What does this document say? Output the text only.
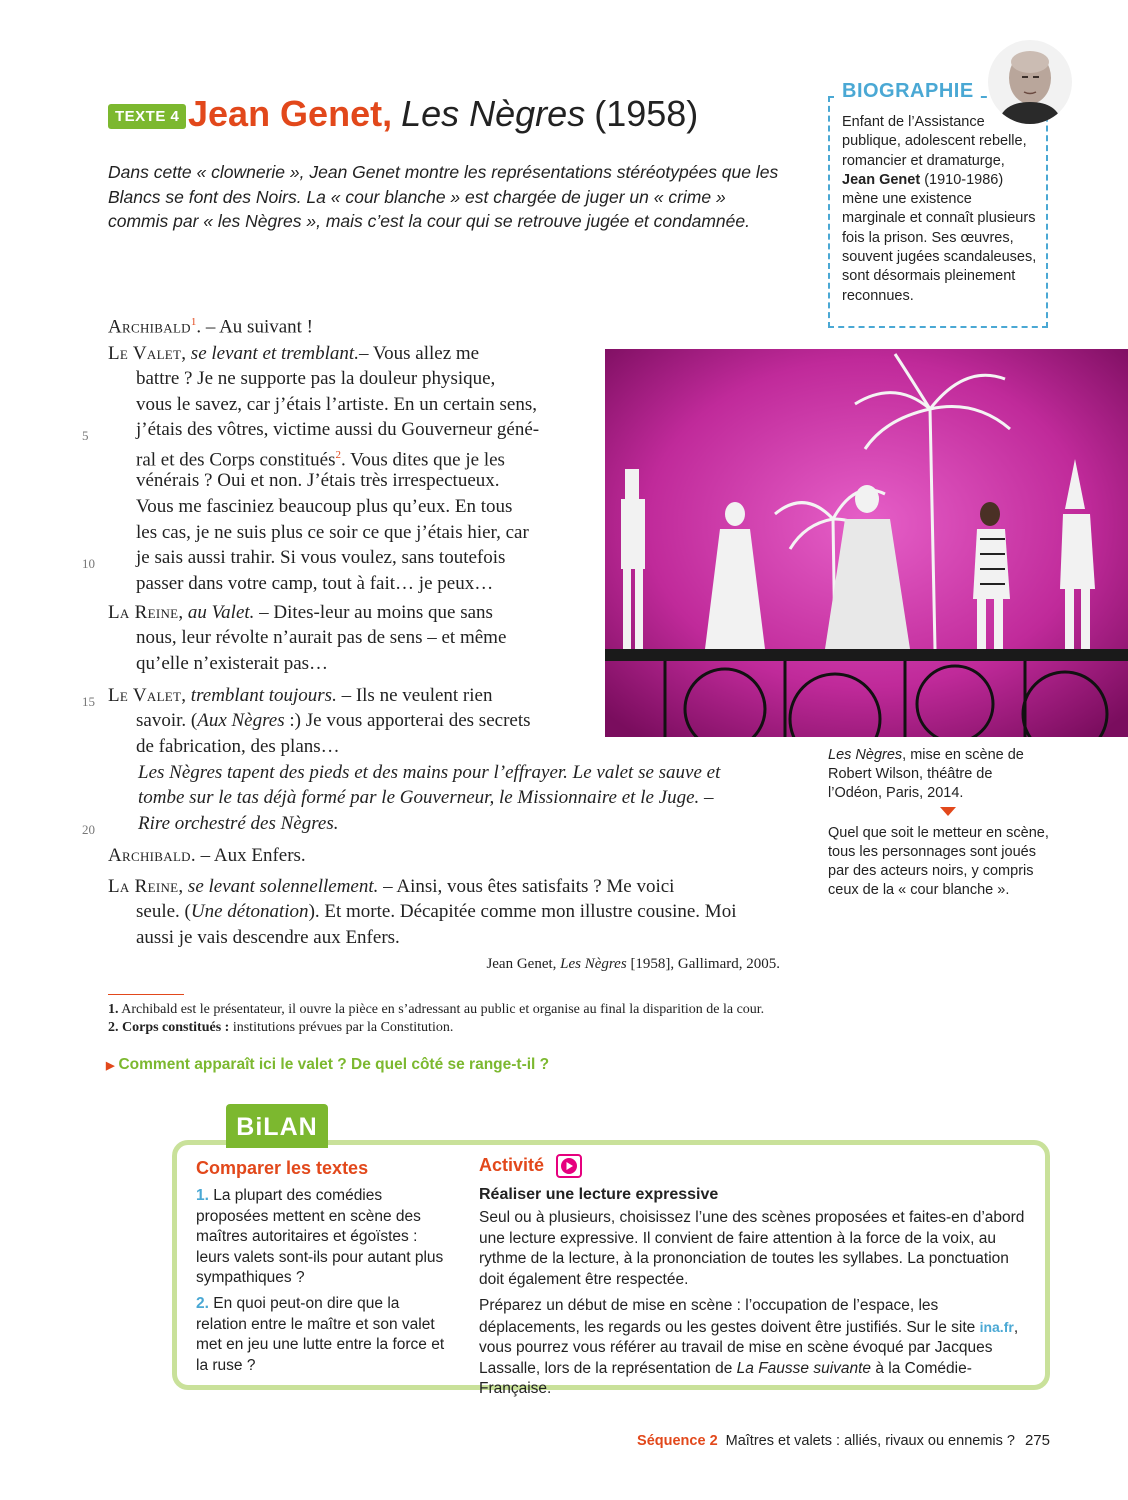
TEXTE 4 Jean Genet, Les Nègres (1958)

Dans cette « clownerie », Jean Genet montre les représentations stéréotypées que les Blancs se font des Noirs. La « cour blanche » est chargée de juger un « crime » commis par « les Nègres », mais c’est la cour qui se retrouve jugée et condamnée.

BIOGRAPHIE

Enfant de l’Assistance publique, adolescent rebelle, romancier et dramaturge, Jean Genet (1910-1986) mène une existence marginale et connaît plusieurs fois la prison. Ses œuvres, souvent jugées scandaleuses, sont désormais pleinement reconnues.

Archibald$^1$. – Au suivant !
Le Valet, se levant et tremblant.– Vous allez me
battre ? Je ne supporte pas la douleur physique,
vous le savez, car j’étais l’artiste. En un certain sens,
j’étais des vôtres, victime aussi du Gouverneur géné-
ral et des Corps constitués$^2$. Vous dites que je les
vénérais ? Oui et non. J’étais très irrespectueux.
Vous me fasciniez beaucoup plus qu’eux. En tous
les cas, je ne suis plus ce soir ce que j’étais hier, car
je sais aussi trahir. Si vous voulez, sans toutefois
passer dans votre camp, tout à fait… je peux…
La Reine, au Valet. – Dites-leur au moins que sans
nous, leur révolte n’aurait pas de sens – et même
qu’elle n’existerait pas…
Le Valet, tremblant toujours. – Ils ne veulent rien
savoir. (Aux Nègres :) Je vous apporterai des secrets
de fabrication, des plans…
Les Nègres tapent des pieds et des mains pour l’effrayer. Le valet se sauve et
tombe sur le tas déjà formé par le Gouverneur, le Missionnaire et le Juge. –
Rire orchestré des Nègres.
Archibald. – Aux Enfers.
La Reine, se levant solennellement. – Ainsi, vous êtes satisfaits ? Me voici
seule. (Une détonation). Et morte. Décapitée comme mon illustre cousine. Moi
aussi je vais descendre aux Enfers.
5
10
15
20
Jean Genet, Les Nègres [1958], Gallimard, 2005.

Les Nègres, mise en scène de Robert Wilson, théâtre de l’Odéon, Paris, 2014.

Quel que soit le metteur en scène, tous les personnages sont joués par des acteurs noirs, y compris ceux de la « cour blanche ».

1. Archibald est le présentateur, il ouvre la pièce en s’adressant au public et organise au final la disparition de la cour. 2. Corps constitués : institutions prévues par la Constitution.

▶ Comment apparaît ici le valet ? De quel côté se range-t-il ?
BiLAN
Comparer les textes

1. La plupart des comédies proposées mettent en scène des maîtres autoritaires et égoïstes : leurs valets sont-ils pour autant plus sympathiques ?

2. En quoi peut-on dire que la relation entre le maître et son valet met en jeu une lutte entre la force et la ruse ?

Activité
Réaliser une lecture expressive

Seul ou à plusieurs, choisissez l’une des scènes proposées et faites-en d’abord une lecture expressive. Il convient de faire attention à la force de la voix, au rythme de la lecture, à la prononciation de toutes les syllabes. La ponctuation doit également être respectée.

Préparez un début de mise en scène : l’occupation de l’espace, les déplacements, les regards ou les gestes doivent être justifiés. Sur le site ina.fr, vous pourrez vous référer au travail de mise en scène évoqué par Jacques Lassalle, lors de la représentation de La Fausse suivante à la Comédie-Française.

Séquence 2 Maîtres et valets : alliés, rivaux ou ennemis ? 275
